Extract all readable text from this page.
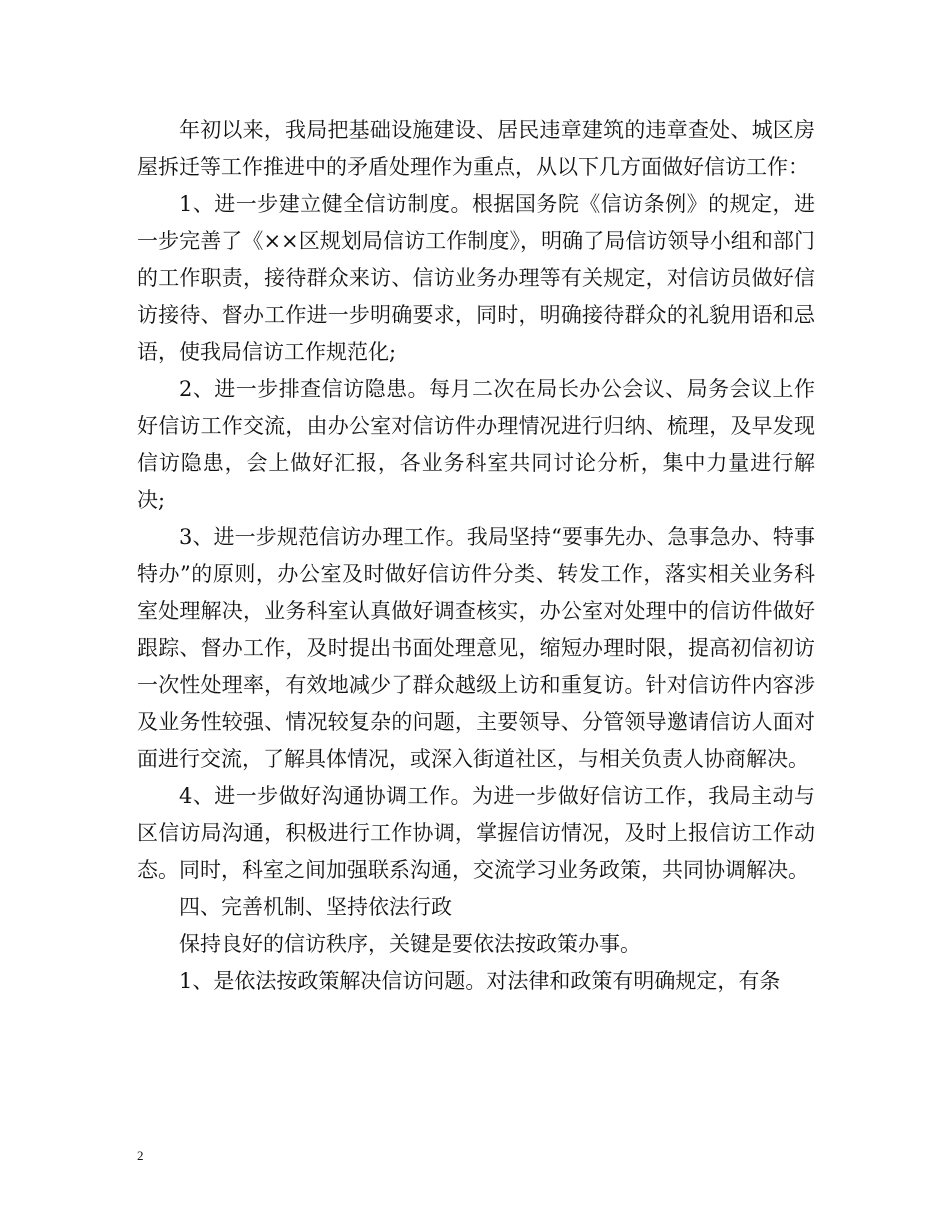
年初以来，我局把基础设施建设、居民违章建筑的违章查处、城区房屋拆迁等工作推进中的矛盾处理作为重点，从以下几方面做好信访工作：

1、进一步建立健全信访制度。根据国务院《信访条例》的规定，进一步完善了《××区规划局信访工作制度》，明确了局信访领导小组和部门的工作职责，接待群众来访、信访业务办理等有关规定，对信访员做好信访接待、督办工作进一步明确要求，同时，明确接待群众的礼貌用语和忌语，使我局信访工作规范化;

2、进一步排查信访隐患。每月二次在局长办公会议、局务会议上作好信访工作交流，由办公室对信访件办理情况进行归纳、梳理，及早发现信访隐患，会上做好汇报，各业务科室共同讨论分析，集中力量进行解决;

3、进一步规范信访办理工作。我局坚持“要事先办、急事急办、特事特办”的原则，办公室及时做好信访件分类、转发工作，落实相关业务科室处理解决，业务科室认真做好调查核实，办公室对处理中的信访件做好跟踪、督办工作，及时提出书面处理意见，缩短办理时限，提高初信初访一次性处理率，有效地减少了群众越级上访和重复访。针对信访件内容涉及业务性较强、情况较复杂的问题，主要领导、分管领导邀请信访人面对面进行交流，了解具体情况，或深入街道社区，与相关负责人协商解决。

4、进一步做好沟通协调工作。为进一步做好信访工作，我局主动与区信访局沟通，积极进行工作协调，掌握信访情况，及时上报信访工作动态。同时，科室之间加强联系沟通，交流学习业务政策，共同协调解决。

四、完善机制、坚持依法行政

保持良好的信访秩序，关键是要依法按政策办事。

1、是依法按政策解决信访问题。对法律和政策有明确规定，有条

2
